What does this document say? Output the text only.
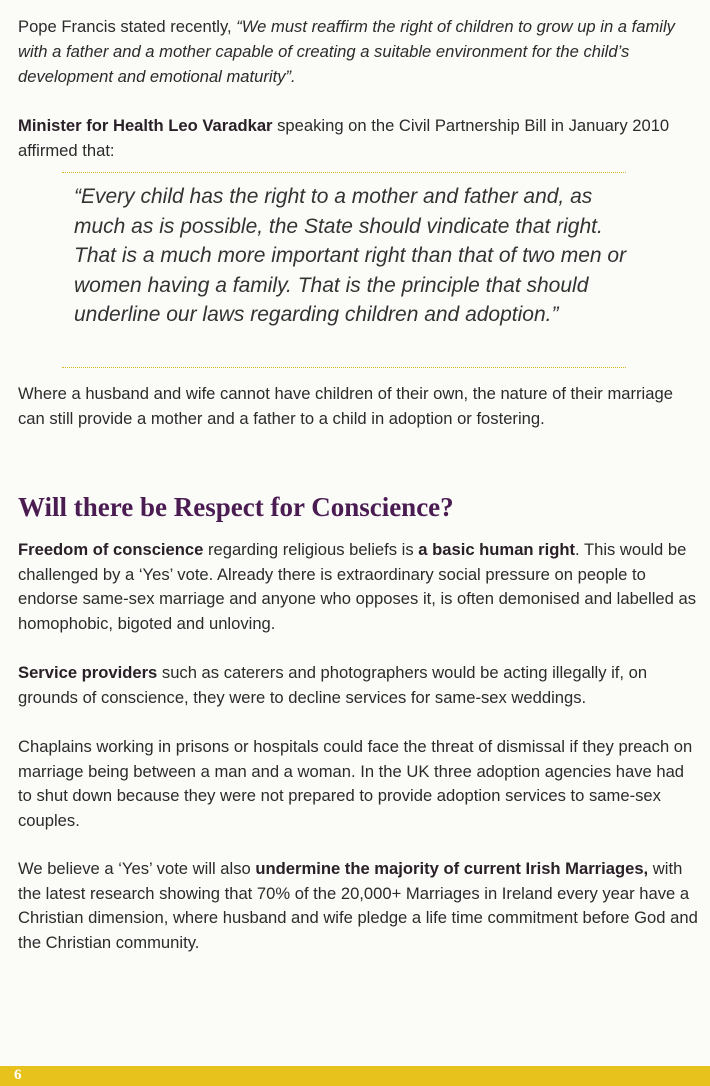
Pope Francis stated recently, “We must reaffirm the right of children to grow up in a family with a father and a mother capable of creating a suitable environment for the child’s development and emotional maturity”.

Minister for Health Leo Varadkar speaking on the Civil Partnership Bill in January 2010 affirmed that:

“Every child has the right to a mother and father and, as much as is possible, the State should vindicate that right. That is a much more important right than that of two men or women having a family. That is the principle that should underline our laws regarding children and adoption.”

Where a husband and wife cannot have children of their own, the nature of their marriage can still provide a mother and a father to a child in adoption or fostering.

Will there be Respect for Conscience?

Freedom of conscience regarding religious beliefs is a basic human right. This would be challenged by a ‘Yes’ vote. Already there is extraordinary social pressure on people to endorse same-sex marriage and anyone who opposes it, is often demonised and labelled as homophobic, bigoted and unloving.

Service providers such as caterers and photographers would be acting illegally if, on grounds of conscience, they were to decline services for same-sex weddings.

Chaplains working in prisons or hospitals could face the threat of dismissal if they preach on marriage being between a man and a woman. In the UK three adoption agencies have had to shut down because they were not prepared to provide adoption services to same-sex couples.

We believe a ‘Yes’ vote will also undermine the majority of current Irish Marriages, with the latest research showing that 70% of the 20,000+ Marriages in Ireland every year have a Christian dimension, where husband and wife pledge a life time commitment before God and the Christian community.

6
